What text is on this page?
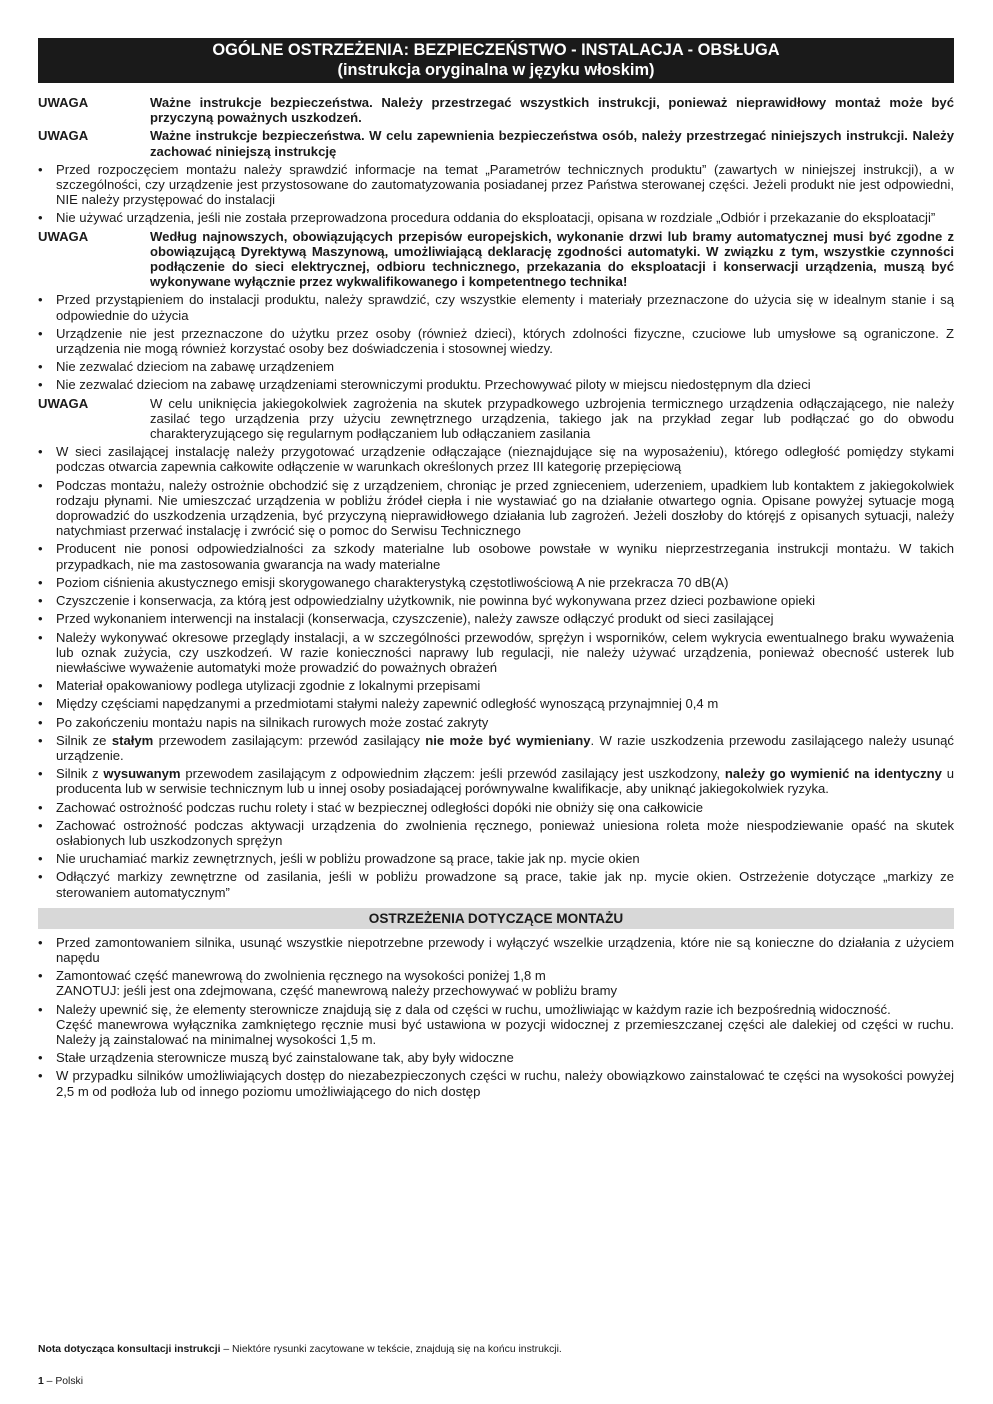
OGÓLNE OSTRZEŻENIA: BEZPIECZEŃSTWO - INSTALACJA - OBSŁUGA
(instrukcja oryginalna w języku włoskim)
UWAGA	Ważne instrukcje bezpieczeństwa. Należy przestrzegać wszystkich instrukcji, ponieważ nieprawidłowy montaż może być przyczyną poważnych uszkodzeń.
UWAGA	Ważne instrukcje bezpieczeństwa. W celu zapewnienia bezpieczeństwa osób, należy przestrzegać niniejszych instrukcji. Należy zachować niniejszą instrukcję
•	Przed rozpoczęciem montażu należy sprawdzić informacje na temat „Parametrów technicznych produktu” (zawartych w niniejszej instrukcji), a w szczególności, czy urządzenie jest przystosowane do zautomatyzowania posiadanej przez Państwa sterowanej części. Jeżeli produkt nie jest odpowiedni, NIE należy przystępować do instalacji
•	Nie używać urządzenia, jeśli nie została przeprowadzona procedura oddania do eksploatacji, opisana w rozdziale „Odbiór i przekazanie do eksploatacji”
UWAGA	Według najnowszych, obowiązujących przepisów europejskich, wykonanie drzwi lub bramy automatycznej musi być zgodne z obowiązującą Dyrektywą Maszynową, umożliwiającą deklarację zgodności automatyki. W związku z tym, wszystkie czynności podłączenie do sieci elektrycznej, odbioru technicznego, przekazania do eksploatacji i konserwacji urządzenia, muszą być wykonywane wyłącznie przez wykwalifikowanego i kompetentnego technika!
•	Przed przystąpieniem do instalacji produktu, należy sprawdzić, czy wszystkie elementy i materiały przeznaczone do użycia się w idealnym stanie i są odpowiednie do użycia
•	Urządzenie nie jest przeznaczone do użytku przez osoby (również dzieci), których zdolności fizyczne, czuciowe lub umysłowe są ograniczone. Z urządzenia nie mogą również korzystać osoby bez doświadczenia i stosownej wiedzy.
•	Nie zezwalać dzieciom na zabawę urządzeniem
•	Nie zezwalać dzieciom na zabawę urządzeniami sterowniczymi produktu. Przechowywać piloty w miejscu niedostępnym dla dzieci
UWAGA	W celu uniknięcia jakiegokolwiek zagrożenia na skutek przypadkowego uzbrojenia termicznego urządzenia odłączającego, nie należy zasilać tego urządzenia przy użyciu zewnętrznego urządzenia, takiego jak na przykład zegar lub podłączać go do obwodu charakteryzującego się regularnym podłączaniem lub odłączaniem zasilania
•	W sieci zasilającej instalację należy przygotować urządzenie odłączające (nieznajdujące się na wyposażeniu), którego odległość pomiędzy stykami podczas otwarcia zapewnia całkowite odłączenie w warunkach określonych przez III kategorię przepięciową
•	Podczas montażu, należy ostrożnie obchodzić się z urządzeniem, chroniąc je przed zgnieceniem, uderzeniem, upadkiem lub kontaktem z jakiegokolwiek rodzaju płynami. Nie umieszczać urządzenia w pobliżu źródeł ciepła i nie wystawiać go na działanie otwartego ognia. Opisane powyżej sytuacje mogą doprowadzić do uszkodzenia urządzenia, być przyczyną nieprawidłowego działania lub zagrożeń. Jeżeli doszłoby do któręjś z opisanych sytuacji, należy natychmiast przerwać instalację i zwrócić się o pomoc do Serwisu Technicznego
•	Producent nie ponosi odpowiedzialności za szkody materialne lub osobowe powstałe w wyniku nieprzestrzegania instrukcji montażu. W takich przypadkach, nie ma zastosowania gwarancja na wady materialne
•	Poziom ciśnienia akustycznego emisji skorygowanego charakterystyką częstotliwościową A nie przekracza 70 dB(A)
•	Czyszczenie i konserwacja, za którą jest odpowiedzialny użytkownik, nie powinna być wykonywana przez dzieci pozbawione opieki
•	Przed wykonaniem interwencji na instalacji (konserwacja, czyszczenie), należy zawsze odłączyć produkt od sieci zasilającej
•	Należy wykonywać okresowe przeglądy instalacji, a w szczególności przewodów, sprężyn i wsporników, celem wykrycia ewentualnego braku wyważenia lub oznak zużycia, czy uszkodzeń. W razie konieczności naprawy lub regulacji, nie należy używać urządzenia, ponieważ obecność usterek lub niewłaściwe wyważenie automatyki może prowadzić do poważnych obrażeń
•	Materiał opakowaniowy podlega utylizacji zgodnie z lokalnymi przepisami
•	Między częściami napędzanymi a przedmiotami stałymi należy zapewnić odległość wynoszącą przynajmniej 0,4 m
•	Po zakończeniu montażu napis na silnikach rurowych może zostać zakryty
•	Silnik ze stałym przewodem zasilającym: przewód zasilający nie może być wymieniany. W razie uszkodzenia przewodu zasilającego należy usunąć urządzenie.
•	Silnik z wysuwanym przewodem zasilającym z odpowiednim złączem: jeśli przewód zasilający jest uszkodzony, należy go wymienić na identyczny u producenta lub w serwisie technicznym lub u innej osoby posiadającej porównywalne kwalifikacje, aby uniknąć jakiegokolwiek ryzyka.
•	Zachować ostrożność podczas ruchu rolety i stać w bezpiecznej odległości dopóki nie obniży się ona całkowicie
•	Zachować ostrożność podczas aktywacji urządzenia do zwolnienia ręcznego, ponieważ uniesiona roleta może niespodziewanie opaść na skutek osłabionych lub uszkodzonych sprężyn
•	Nie uruchamiać markiz zewnętrznych, jeśli w pobliżu prowadzone są prace, takie jak np. mycie okien
•	Odłączyć markizy zewnętrzne od zasilania, jeśli w pobliżu prowadzone są prace, takie jak np. mycie okien. Ostrzeżenie dotyczące „markizy ze sterowaniem automatycznym”
OSTRZEŻENIA DOTYCZĄCE MONTAŻU
•	Przed zamontowaniem silnika, usunąć wszystkie niepotrzebne przewody i wyłączyć wszelkie urządzenia, które nie są konieczne do działania z użyciem napędu
•	Zamontować część manewrową do zwolnienia ręcznego na wysokości poniżej 1,8 m
ZANOTUJ: jeśli jest ona zdejmowana, część manewrową należy przechowywać w pobliżu bramy
•	Należy upewnić się, że elementy sterownicze znajdują się z dala od części w ruchu, umożliwiając w każdym razie ich bezpośrednią widoczność.
Część manewrowa wyłącznika zamkniętego ręcznie musi być ustawiona w pozycji widocznej z przemieszczanej części ale dalekiej od części w ruchu. Należy ją zainstalować na minimalnej wysokości 1,5 m.
•	Stałe urządzenia sterownicze muszą być zainstalowane tak, aby były widoczne
•	W przypadku silników umożliwiających dostęp do niezabezpieczonych części w ruchu, należy obowiązkowo zainstalować te części na wysokości powyżej 2,5 m od podłoża lub od innego poziomu umożliwiającego do nich dostęp
Nota dotycząca konsultacji instrukcji – Niektóre rysunki zacytowane w tekście, znajdują się na końcu instrukcji.
1 – Polski
